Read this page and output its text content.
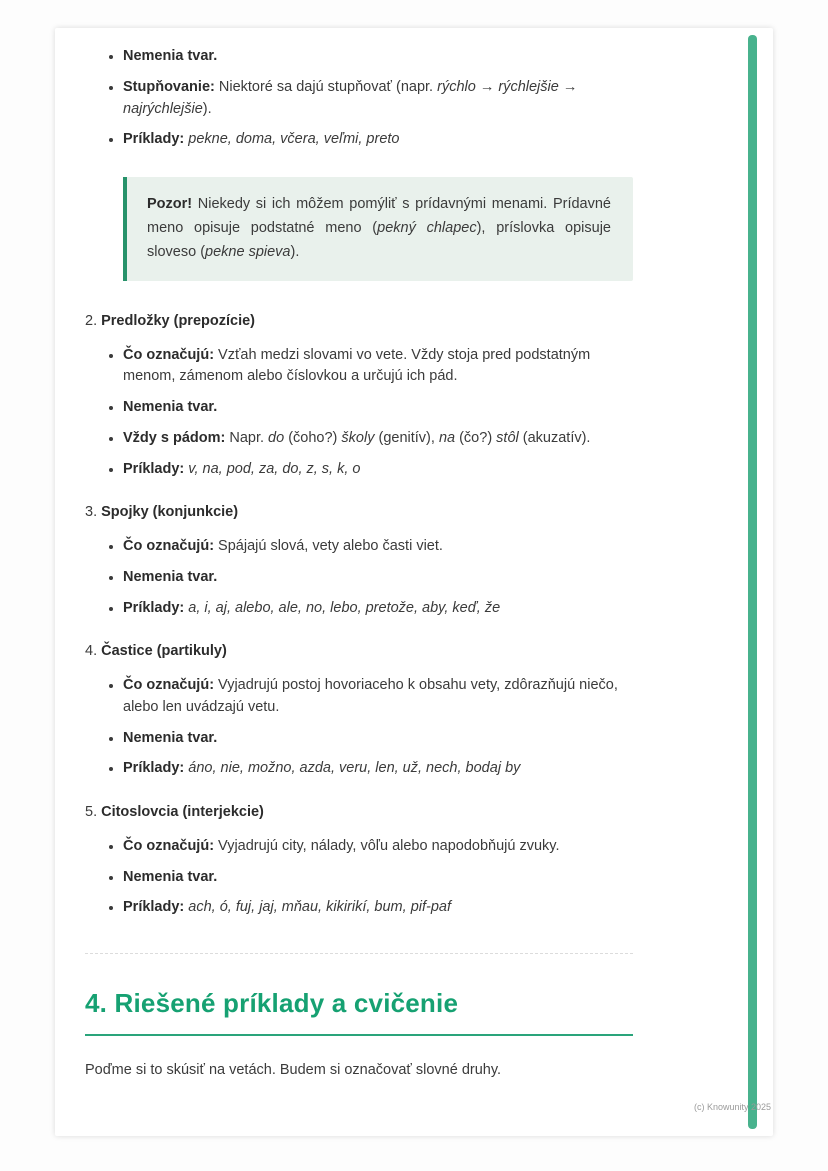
• Nemenia tvar.
• Stupňovanie: Niektoré sa dajú stupňovať (napr. rýchlo → rýchlejšie → najrýchlejšie).
• Príklady: pekne, doma, včera, veľmi, preto

Pozor! Niekedy si ich môžem pomýliť s prídavnými menami. Prídavné meno opisuje podstatné meno (pekný chlapec), príslovka opisuje sloveso (pekne spieva).

2. Predložky (prepozície)

• Čo označujú: Vzťah medzi slovami vo vete. Vždy stoja pred podstatným menom, zámenom alebo číslovkou a určujú ich pád.
• Nemenia tvar.
• Vždy s pádom: Napr. do (čoho?) školy (genitív), na (čo?) stôl (akuzatív).
• Príklady: v, na, pod, za, do, z, s, k, o

3. Spojky (konjunkcie)

• Čo označujú: Spájajú slová, vety alebo časti viet.
• Nemenia tvar.
• Príklady: a, i, aj, alebo, ale, no, lebo, pretože, aby, keď, že

4. Častice (partikuly)

• Čo označujú: Vyjadrujú postoj hovoriaceho k obsahu vety, zdôrazňujú niečo, alebo len uvádzajú vetu.
• Nemenia tvar.
• Príklady: áno, nie, možno, azda, veru, len, už, nech, bodaj by

5. Citoslovcia (interjekcie)

• Čo označujú: Vyjadrujú city, nálady, vôľu alebo napodobňujú zvuky.
• Nemenia tvar.
• Príklady: ach, ó, fuj, jaj, mňau, kikirikí, bum, pif-paf
4. Riešené príklady a cvičenie

Poďme si to skúsiť na vetách. Budem si označovať slovné druhy.

(c) Knowunity 2025
